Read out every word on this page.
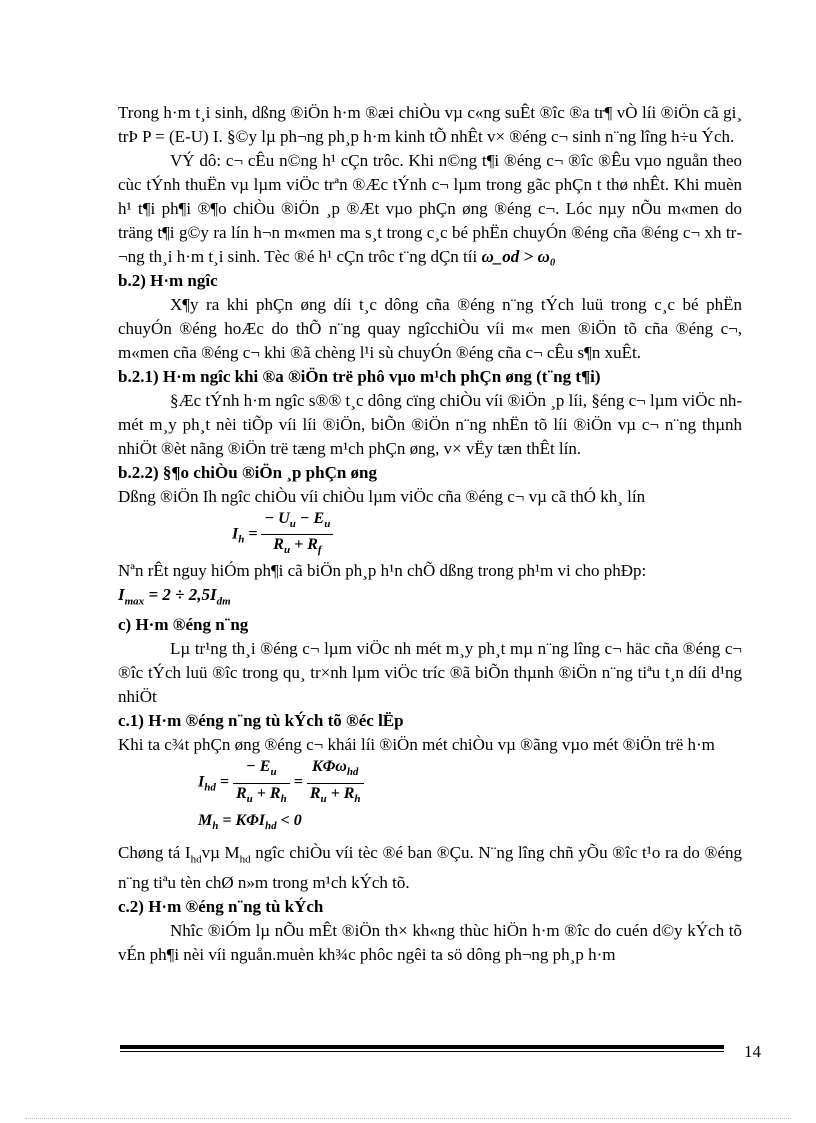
Trong h·m t¸i sinh, dßng ®iÖn h·m ®æi chiÒu vµ c«ng suÊt ®îc ®a tr¶ vÒ líi ®iÖn cã gi¸ trÞ P = (E-U) I. §©y lµ ph¬ng ph¸p h·m kinh tÕ nhÊt v× ®éng c¬ sinh n¨ng lîng h÷u Ých.

VÝ dô: c¬ cÊu n©ng h¹ cÇn trôc. Khi n©ng t¶i ®éng c¬ ®îc ®Êu vµo nguån theo cùc tÝnh thuËn vµ lµm viÖc trªn ®Æc tÝnh c¬ lµm trong gãc phÇn t thø nhÊt. Khi muèn h¹ t¶i ph¶i ®¶o chiÒu ®iÖn ¸p ®Æt vµo phÇn øng ®éng c¬. Lóc nµy nÕu m«men do träng t¶i g©y ra lín h¬n m«men ma s¸t trong c¸c bé phËn chuyÓn ®éng cña ®éng c¬ xh tr¬ng th¸i h·m t¸i sinh. Tèc ®é h¹ cÇn trôc t¨ng dÇn tíi ω_od > ω₀

b.2) H·m ngîc

X¶y ra khi phÇn øng díi t¸c dông cña ®éng n¨ng tÝch luü trong c¸c bé phËn chuyÓn ®éng hoÆc do thÕ n¨ng quay ngîcchiÒu víi m« men ®iÖn tõ cña ®éng c¬, m«men cña ®éng c¬ khi ®ã chèng l¹i sù chuyÓn ®éng cña c¬ cÊu s¶n xuÊt.

b.2.1) H·m ngîc khi ®a ®iÖn trë phô vµo m¹ch phÇn øng (t¨ng t¶i)

§Æc tÝnh h·m ngîc s®® t¸c dông cïng chiÒu víi ®iÖn ¸p líi, §éng c¬ lµm viÖc nh mét m¸y ph¸t nèi tiÕp víi líi ®iÖn, biÕn ®iÖn n¨ng nhËn tõ líi ®iÖn vµ c¬ n¨ng thµnh nhiÖt ®èt nãng ®iÖn trë tæng m¹ch phÇn øng, v× vËy tæn thÊt lín.

b.2.2) §¶o chiÒu ®iÖn ¸p phÇn øng

Dßng ®iÖn Ih ngîc chiÒu víi chiÒu lµm viÖc cña ®éng c¬ vµ cã thÓ kh¸ lín

$I_h = \frac{- U_u - E_u}{R_u + R_f}$

Nªn rÊt nguy hiÓm ph¶i cã biÖn ph¸p h¹n chÕ dßng trong ph¹m vi cho phÐp:
$I_{max} = 2 \div 2,5I_{dm}$

c) H·m ®éng n¨ng

Lµ tr¹ng th¸i ®éng c¬ lµm viÖc nh mét m¸y ph¸t mµ n¨ng lîng c¬ häc cña ®éng c¬ ®îc tÝch luü ®îc trong qu¸ tr×nh lµm viÖc tríc ®ã biÕn thµnh ®iÖn n¨ng tiªu t¸n díi d¹ng nhiÖt

c.1) H·m ®éng n¨ng tù kÝch tõ ®éc lËp

Khi ta c¾t phÇn øng ®éng c¬ khái líi ®iÖn mét chiÒu vµ ®ãng vµo mét ®iÖn trë h·m

$I_{hd} = \frac{- E_u}{R_u + R_h} = \frac{K\Phi\omega_{hd}}{R_u + R_h}$
$M_h = K\Phi I_{hd} < 0$

Chøng tá $I_{hd}v\mu$ $M_{hd}$ ngîc chiÒu víi tèc ®é ban ®Çu. N¨ng lîng chñ yÕu ®îc t¹o ra do ®éng n¨ng tiªu tèn chØ n»m trong m¹ch kÝch tõ.

c.2) H·m ®éng n¨ng tù kÝch

Nhîc ®iÓm lµ nÕu mÊt ®iÖn th× kh«ng thùc hiÖn h·m ®îc do cuén d©y kÝch tõ vÉn ph¶i nèi víi nguån.muèn kh¾c phôc ngêi ta sö dông ph¬ng ph¸p h·m

14
